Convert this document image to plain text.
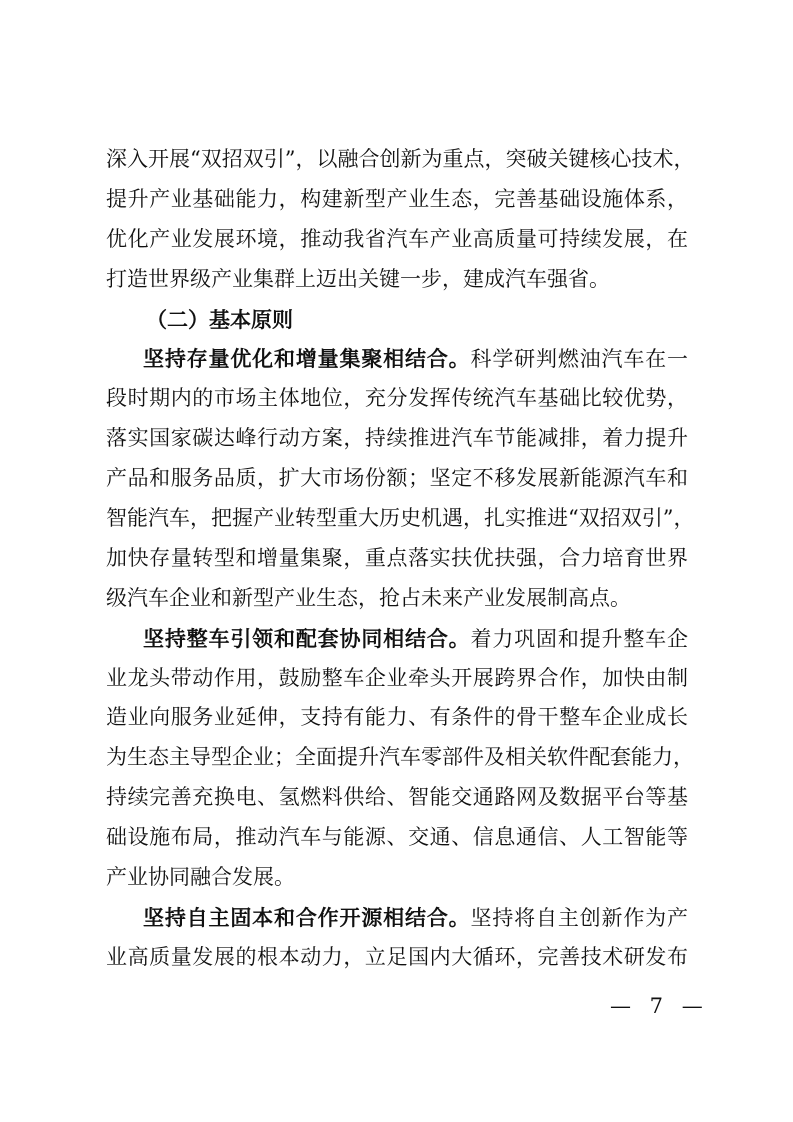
深入开展“双招双引”，以融合创新为重点，突破关键核心技术，
提升产业基础能力，构建新型产业生态，完善基础设施体系，
优化产业发展环境，推动我省汽车产业高质量可持续发展，在
打造世界级产业集群上迈出关键一步，建成汽车强省。
（二）基本原则
坚持存量优化和增量集聚相结合。科学研判燃油汽车在一
段时期内的市场主体地位，充分发挥传统汽车基础比较优势，
落实国家碳达峰行动方案，持续推进汽车节能减排，着力提升
产品和服务品质，扩大市场份额；坚定不移发展新能源汽车和
智能汽车，把握产业转型重大历史机遇，扎实推进“双招双引”，
加快存量转型和增量集聚，重点落实扶优扶强，合力培育世界
级汽车企业和新型产业生态，抢占未来产业发展制高点。
坚持整车引领和配套协同相结合。着力巩固和提升整车企
业龙头带动作用，鼓励整车企业牵头开展跨界合作，加快由制
造业向服务业延伸，支持有能力、有条件的骨干整车企业成长
为生态主导型企业；全面提升汽车零部件及相关软件配套能力，
持续完善充换电、氢燃料供给、智能交通路网及数据平台等基
础设施布局，推动汽车与能源、交通、信息通信、人工智能等
产业协同融合发展。
坚持自主固本和合作开源相结合。坚持将自主创新作为产
业高质量发展的根本动力，立足国内大循环，完善技术研发布
— 7 —
